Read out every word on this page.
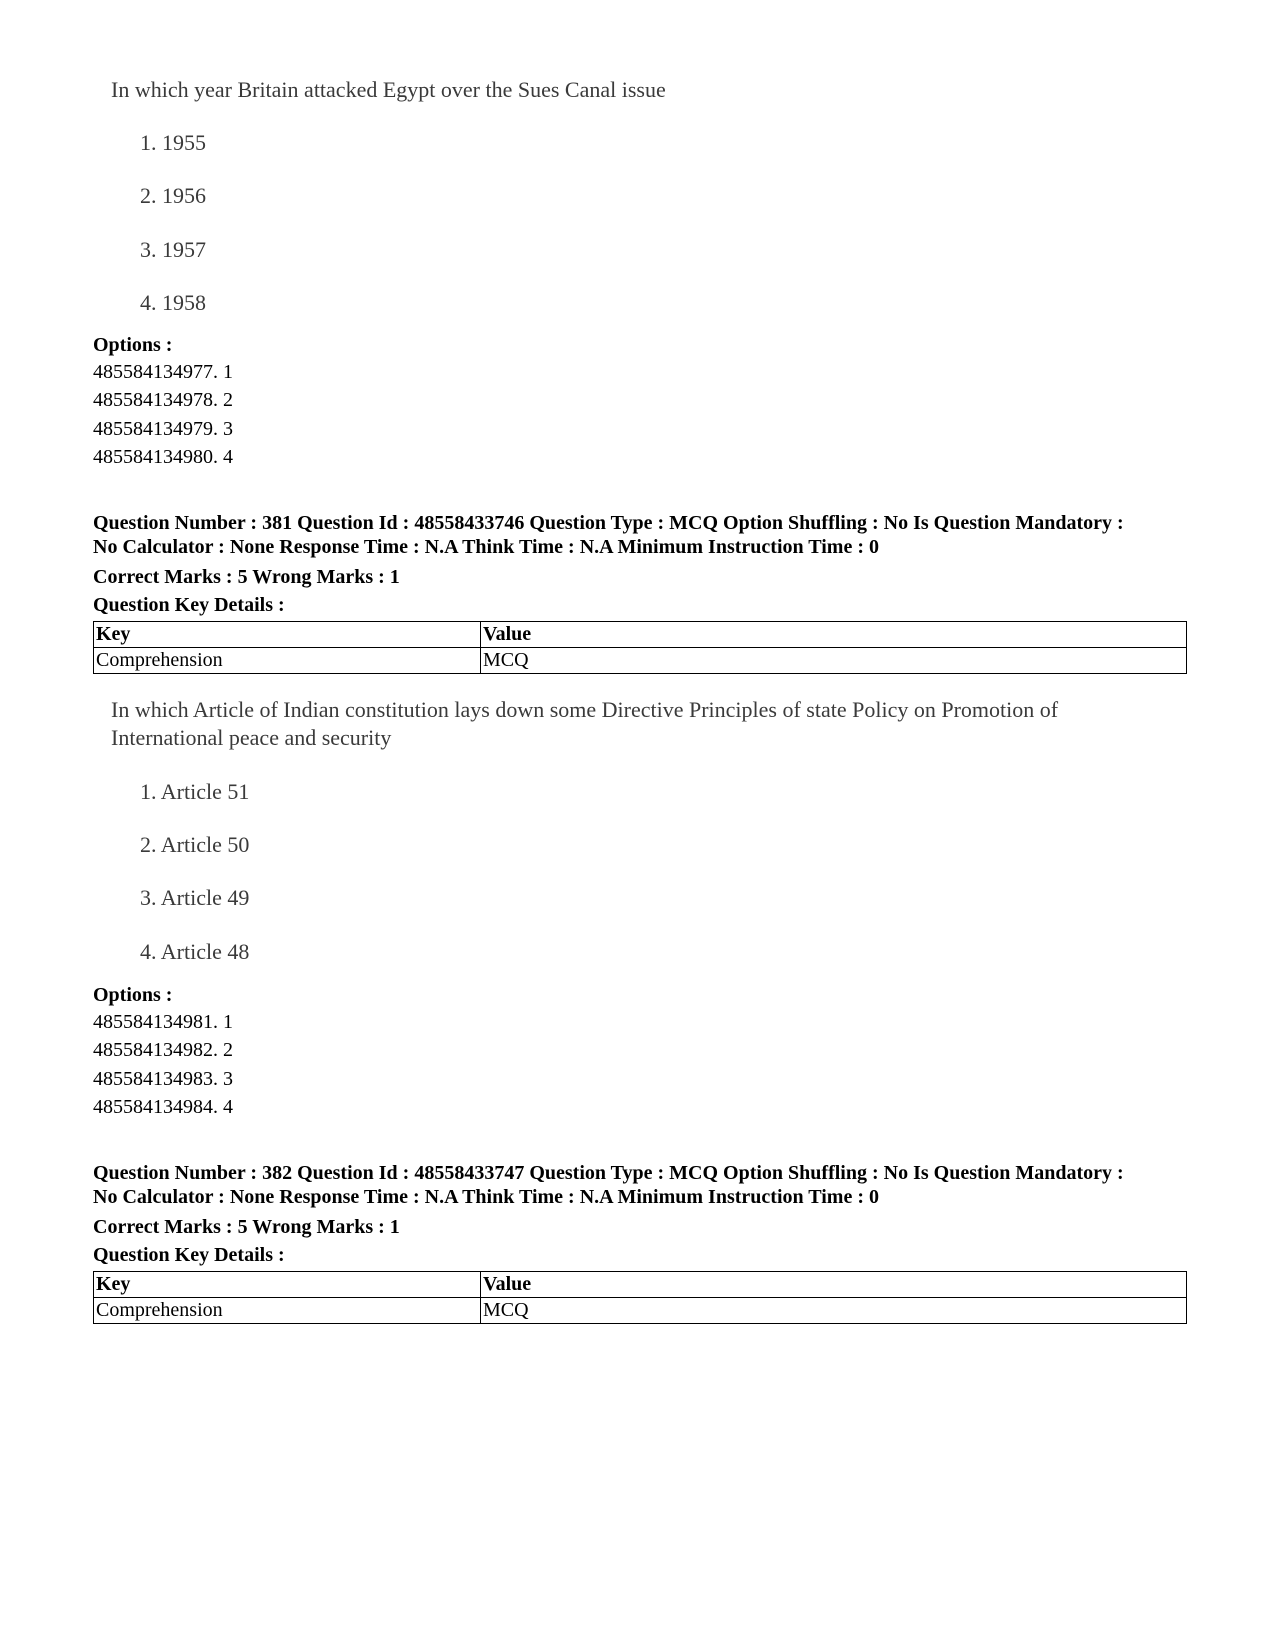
In which year Britain attacked Egypt over the Sues Canal issue
1. 1955
2. 1956
3. 1957
4. 1958
Options :
485584134977. 1
485584134978. 2
485584134979. 3
485584134980. 4
Question Number : 381 Question Id : 48558433746 Question Type : MCQ Option Shuffling : No Is Question Mandatory :
No Calculator : None Response Time : N.A Think Time : N.A Minimum Instruction Time : 0
Correct Marks : 5 Wrong Marks : 1
Question Key Details :
Key	Value
Comprehension	MCQ
In which Article of Indian constitution lays down some Directive Principles of state Policy on Promotion of
International peace and security
1. Article 51
2. Article 50
3. Article 49
4. Article 48
Options :
485584134981. 1
485584134982. 2
485584134983. 3
485584134984. 4
Question Number : 382 Question Id : 48558433747 Question Type : MCQ Option Shuffling : No Is Question Mandatory :
No Calculator : None Response Time : N.A Think Time : N.A Minimum Instruction Time : 0
Correct Marks : 5 Wrong Marks : 1
Question Key Details :
Key	Value
Comprehension	MCQ
